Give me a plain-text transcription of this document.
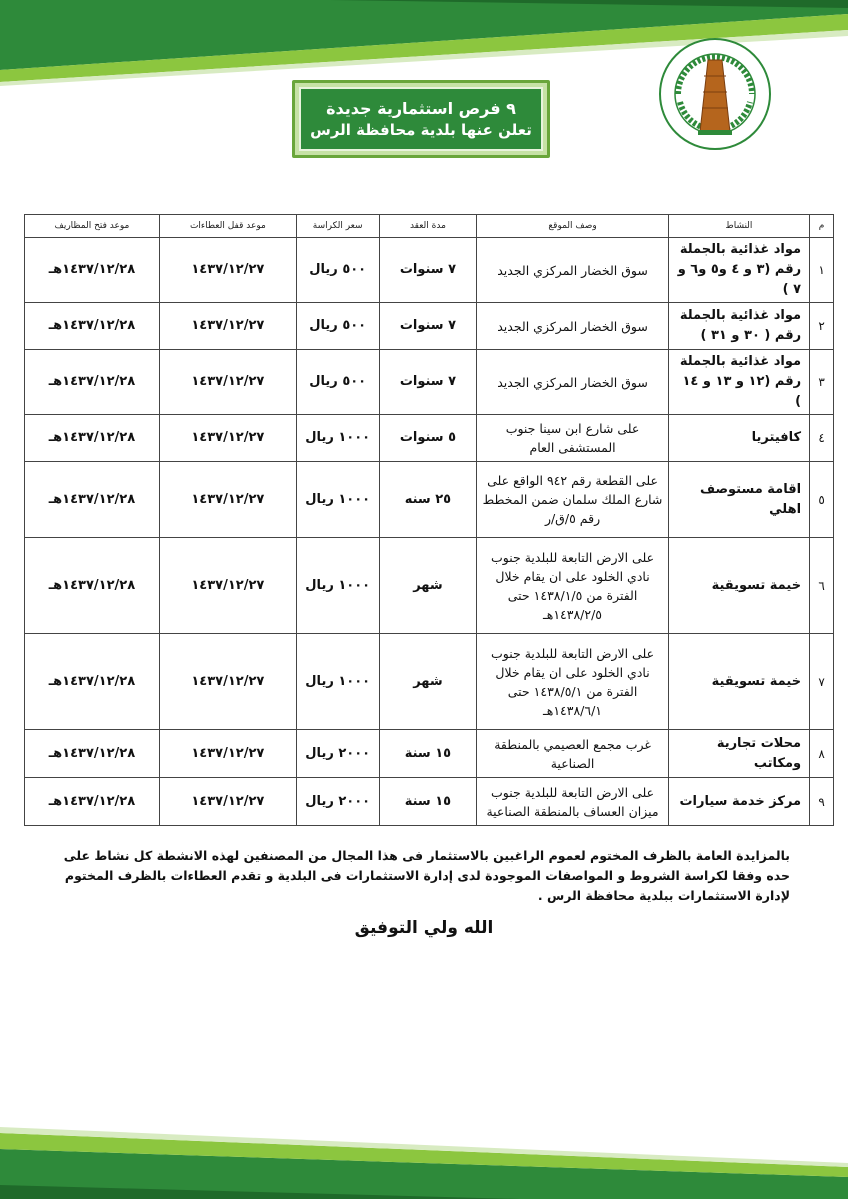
٩ فرص استثمارية جديدة
تعلن عنها بلدية محافظة الرس
م	النشاط	وصف الموقع	مدة العقد	سعر الكراسة	موعد قفل العطاءات	موعد فتح المظاريف
١	مواد غذائية بالجملة رقم (٣ و ٤ و٥ و٦ و ٧ )	سوق الخضار المركزي الجديد	٧ سنوات	٥٠٠ ريال	١٤٣٧/١٢/٢٧	١٤٣٧/١٢/٢٨هـ
٢	مواد غذائية بالجملة رقم ( ٣٠ و ٣١ )	سوق الخضار المركزي الجديد	٧ سنوات	٥٠٠ ريال	١٤٣٧/١٢/٢٧	١٤٣٧/١٢/٢٨هـ
٣	مواد غذائية بالجملة رقم (١٢ و ١٣ و ١٤ )	سوق الخضار المركزي الجديد	٧ سنوات	٥٠٠ ريال	١٤٣٧/١٢/٢٧	١٤٣٧/١٢/٢٨هـ
٤	كافيتريا	على شارع ابن سينا جنوب المستشفى العام	٥ سنوات	١٠٠٠ ريال	١٤٣٧/١٢/٢٧	١٤٣٧/١٢/٢٨هـ
٥	اقامة مستوصف اهلي	على القطعة رقم ٩٤٢ الواقع على شارع الملك سلمان ضمن المخطط رقم ٥/ق/ر	٢٥ سنه	١٠٠٠ ريال	١٤٣٧/١٢/٢٧	١٤٣٧/١٢/٢٨هـ
٦	خيمة تسويقية	على الارض التابعة للبلدية جنوب نادي الخلود على ان يقام خلال الفترة من ١٤٣٨/١/٥ حتى ١٤٣٨/٢/٥هـ	شهر	١٠٠٠ ريال	١٤٣٧/١٢/٢٧	١٤٣٧/١٢/٢٨هـ
٧	خيمة تسويقية	على الارض التابعة للبلدية جنوب نادي الخلود على ان يقام خلال الفترة من ١٤٣٨/٥/١ حتى ١٤٣٨/٦/١هـ	شهر	١٠٠٠ ريال	١٤٣٧/١٢/٢٧	١٤٣٧/١٢/٢٨هـ
٨	محلات تجارية ومكاتب	غرب مجمع العصيمي بالمنطقة الصناعية	١٥ سنة	٢٠٠٠ ريال	١٤٣٧/١٢/٢٧	١٤٣٧/١٢/٢٨هـ
٩	مركز خدمة سيارات	على الارض التابعة للبلدية جنوب ميزان العساف بالمنطقة الصناعية	١٥ سنة	٢٠٠٠ ريال	١٤٣٧/١٢/٢٧	١٤٣٧/١٢/٢٨هـ
بالمزايدة العامة بالظرف المختوم لعموم الراغبين بالاستثمار فى هذا المجال من المصنفين لهذه الانشطة كل نشاط على حده وفقا لكراسة الشروط و المواصفات الموجودة لدى إدارة الاستثمارات فى البلدية و تقدم العطاءات بالظرف المختوم لإدارة الاستثمارات ببلدية محافظة الرس .
الله ولي التوفيق
